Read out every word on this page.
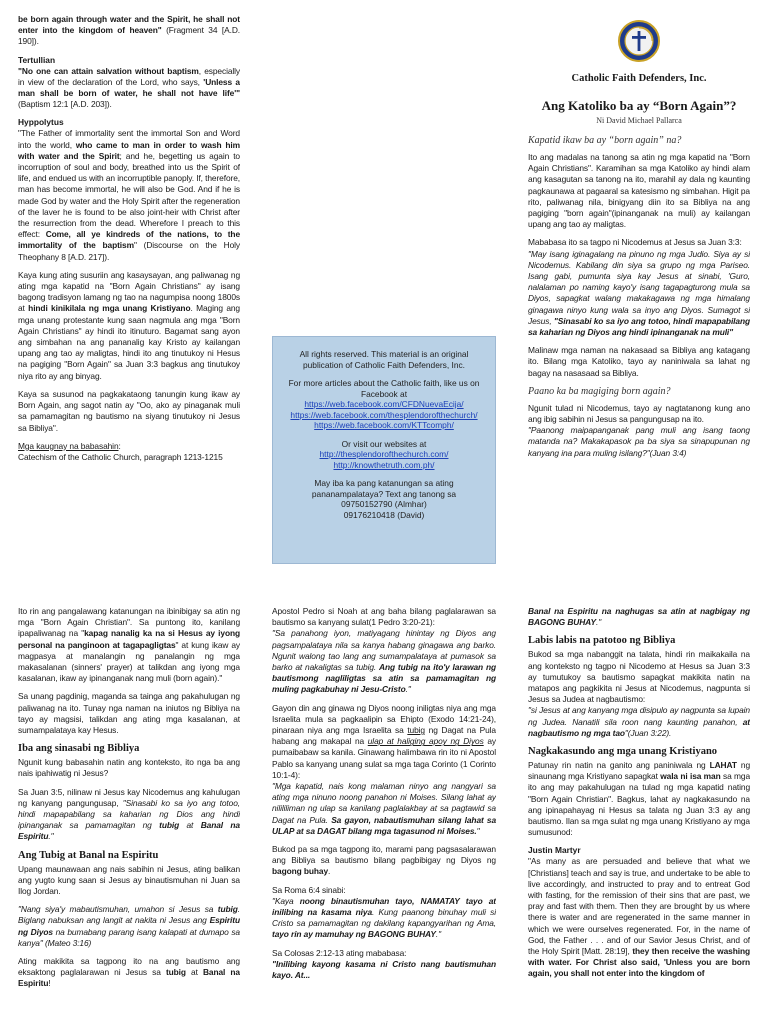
be born again through water and the Spirit, he shall not enter into the kingdom of heaven" (Fragment 34 [A.D. 190]).

Tertullian

"No one can attain salvation without baptism, especially in view of the declaration of the Lord, who says, 'Unless a man shall be born of water, he shall not have life'" (Baptism 12:1 [A.D. 203]).

Hyppolytus

"The Father of immortality sent the immortal Son and Word into the world, who came to man in order to wash him with water and the Spirit; and he, begetting us again to incorruption of soul and body, breathed into us the Spirit of life, and endued us with an incorruptible panoply. If, therefore, man has become immortal, he will also be God. And if he is made God by water and the Holy Spirit after the regeneration of the laver he is found to be also joint-heir with Christ after the resurrection from the dead. Wherefore I preach to this effect: Come, all ye kindreds of the nations, to the immortality of the baptism" (Discourse on the Holy Theophany 8 [A.D. 217]).

Kaya kung ating susuriin ang kasaysayan, ang paliwanag ng ating mga kapatid na "Born Again Christians" ay isang bagong tradisyon lamang ng tao na nagumpisa noong 1800s at hindi kinikilala ng mga unang Kristiyano. Maging ang mga unang protestante kung saan nagmula ang mga "Born Again Christians" ay hindi ito itinuturo. Bagamat sang ayon ang simbahan na ang pananalig kay Kristo ay kailangan upang ang tao ay maligtas, hindi ito ang tinutukoy ni Hesus na pagiging "Born Again" sa Juan 3:3 bagkus ang tinutukoy niya rito ay ang binyag.

Kaya sa susunod na pagkakataong tanungin kung ikaw ay Born Again, ang sagot natin ay "Oo, ako ay pinaganak muli sa pamamagitan ng bautismo na siyang tinutukoy ni Jesus sa Bibliya".

Mga kaugnay na babasahin:
Catechism of the Catholic Church, paragraph 1213-1215

All rights reserved. This material is an original publication of Catholic Faith Defenders, Inc.

For more articles about the Catholic faith, like us on Facebook at

https://web.facebook.com/CFDNuevaEcija/
https://web.facebook.com/thesplendorofthechurch/
https://web.facebook.com/KTTcomph/

Or visit our websites at

http://thesplendorofthechurch.com/
http://knowthetruth.com.ph/

May iba ka pang katanungan sa ating pananampalataya? Text ang tanong sa

09750152790 (Almhar)
09176210418 (David)

Catholic Faith Defenders, Inc.

Ang Katoliko ba ay “Born Again”?

Ni David Michael Pallarca

Kapatid ikaw ba ay “born again” na?

Ito ang madalas na tanong sa atin ng mga kapatid na "Born Again Christians". Karamihan sa mga Katoliko ay hindi alam ang kasagutan sa tanong na ito, marahil ay dala ng kaunting pagkaunawa at pagaaral sa katesismo ng simbahan. Higit pa rito, paliwanag nila, binigyang diin ito sa Bibliya na ang pagiging "born again"(ipinanganak na muli) ay kailangan upang ang tao ay maligtas.

Mababasa ito sa tagpo ni Nicodemus at Jesus sa Juan 3:3:
"May isang iginagalang na pinuno ng mga Judio. Siya ay si Nicodemus. Kabilang din siya sa grupo ng mga Pariseo. Isang gabi, pumunta siya kay Jesus at sinabi, 'Guro, nalalaman po naming kayo'y isang tagapagturong mula sa Diyos, sapagkat walang makakagawa ng mga himalang ginagawa ninyo kung wala sa inyo ang Diyos. Sumagot si Jesus, "Sinasabi ko sa iyo ang totoo, hindi mapapabilang sa kaharian ng Diyos ang hindi ipinanganak na muli"

Malinaw mga naman na nakasaad sa Bibliya ang katagang ito. Bilang mga Katoliko, tayo ay naniniwala sa lahat ng bagay na nasasaad sa Bibliya.

Paano ka ba magiging born again?

Ngunit tulad ni Nicodemus, tayo ay nagtatanong kung ano ang ibig sabihin ni Jesus sa pangungusap na ito.
"Paanong maipapanganak pang muli ang isang taong matanda na? Makakapasok pa ba siya sa sinapupunan ng kanyang ina para muling isilang?"(Juan 3:4)

Ito rin ang pangalawang katanungan na ibinibigay sa atin ng mga "Born Again Christian". Sa puntong ito, kanilang ipapaliwanag na "kapag nanalig ka na si Hesus ay iyong personal na panginoon at tagapagligtas" at kung ikaw ay magpasya at manalangin ng panalangin ng mga makasalanan (sinners' prayer) at talikdan ang iyong mga kasalanan, ikaw ay ipinanganak nang muli (born again)."

Sa unang pagdinig, maganda sa tainga ang pakahulugan ng paliwanag na ito. Tunay nga naman na iniutos ng Bibliya na tayo ay magsisi, talikdan ang ating mga kasalanan, at sumampalataya kay Hesus.

Iba ang sinasabi ng Bibliya

Ngunit kung babasahin natin ang konteksto, ito nga ba ang nais ipahiwatig ni Jesus?

Sa Juan 3:5, nilinaw ni Jesus kay Nicodemus ang kahulugan ng kanyang pangungusap, "Sinasabi ko sa iyo ang totoo, hindi mapapabilang sa kaharian ng Dios ang hindi ipinanganak sa pamamagitan ng tubig at Banal na Espiritu."

Ang Tubig at Banal na Espiritu

Upang maunawaan ang nais sabihin ni Jesus, ating balikan ang yugto kung saan si Jesus ay binautismuhan ni Juan sa Ilog Jordan.

"Nang siya'y mabautismuhan, umahon si Jesus sa tubig. Biglang nabuksan ang langit at nakita ni Jesus ang Espiritu ng Diyos na bumabang parang isang kalapati at dumapo sa kanya" (Mateo 3:16)

Ating makikita sa tagpong ito na ang bautismo ang eksaktong paglalarawan ni Jesus sa tubig at Banal na Espiritu!

Apostol Pedro si Noah at ang baha bilang paglalarawan sa bautismo sa kanyang sulat(1 Pedro 3:20-21):
"Sa panahong iyon, matiyagang hinintay ng Diyos ang pagsampalataya nila sa kanya habang ginagawa ang barko. Ngunit walong tao lang ang sumampalataya at pumasok sa barko at nakaligtas sa tubig. Ang tubig na ito'y larawan ng bautismong nagliligtas sa atin sa pamamagitan ng muling pagkabuhay ni Jesu-Cristo."

Gayon din ang ginawa ng Diyos noong iniligtas niya ang mga Israelita mula sa pagkaalipin sa Ehipto (Exodo 14:21-24), pinaraan niya ang mga Israelita sa tubig ng Dagat na Pula habang ang makapal na ulap at haliging apoy ng Diyos ay pumaibabaw sa kanila. Ginawang halimbawa rin ito ni Apostol Pablo sa kanyang unang sulat sa mga taga Corinto (1 Corinto 10:1-4):
"Mga kapatid, nais kong malaman ninyo ang nangyari sa ating mga ninuno noong panahon ni Moises. Silang lahat ay nilililiman ng ulap sa kanilang paglalakbay at sa pagtawid sa Dagat na Pula. Sa gayon, nabautismuhan silang lahat sa ULAP at sa DAGAT bilang mga tagasunod ni Moises."

Bukod pa sa mga tagpong ito, marami pang pagsasalarawan ang Bibliya sa bautismo bilang pagbibigay ng Diyos ng bagong buhay.

Sa Roma 6:4 sinabi:
"Kaya noong binautismuhan tayo, NAMATAY tayo at inilibing na kasama niya. Kung paanong binuhay muli si Cristo sa pamamagitan ng dakilang kapangyarihan ng Ama, tayo rin ay mamuhay ng BAGONG BUHAY."

Sa Colosas 2:12-13 ating mababasa:
"Inilibing kayong kasama ni Cristo nang bautismuhan kayo. At...

Banal na Espiritu na naghugas sa atin at nagbigay ng BAGONG BUHAY."

Labis labis na patotoo ng Bibliya

Bukod sa mga nabanggit na talata, hindi rin maikakaila na ang konteksto ng tagpo ni Nicodemo at Hesus sa Juan 3:3 ay tumutukoy sa bautismo sapagkat makikita natin na matapos ang pagkikita ni Jesus at Nicodemus, nagpunta si Jesus sa Judea at nagbautismo:
"si Jesus at ang kanyang mga disipulo ay nagpunta sa lupain ng Judea. Nanatili sila roon nang kaunting panahon, at nagbautismo ng mga tao"(Juan 3:22).

Nagkakasundo ang mga unang Kristiyano

Patunay rin natin na ganito ang paniniwala ng LAHAT ng sinaunang mga Kristiyano sapagkat wala ni isa man sa mga ito ang may pakahulugan na tulad ng mga kapatid nating "Born Again Christian". Bagkus, lahat ay nagkakasundo na ang ipinapahayag ni Hesus sa talata ng Juan 3:3 ay ang bautismo. Ilan sa mga sulat ng mga unang Kristiyano ay mga sumusunod:

Justin Martyr

"As many as are persuaded and believe that what we [Christians] teach and say is true, and undertake to be able to live accordingly, and instructed to pray and to entreat God with fasting, for the remission of their sins that are past, we pray and fast with them. Then they are brought by us where there is water and are regenerated in the same manner in which we were ourselves regenerated. For, in the name of God, the Father . . . and of our Savior Jesus Christ, and of the Holy Spirit [Matt. 28:19], they then receive the washing with water. For Christ also said, 'Unless you are born again, you shall not enter into the kingdom of
